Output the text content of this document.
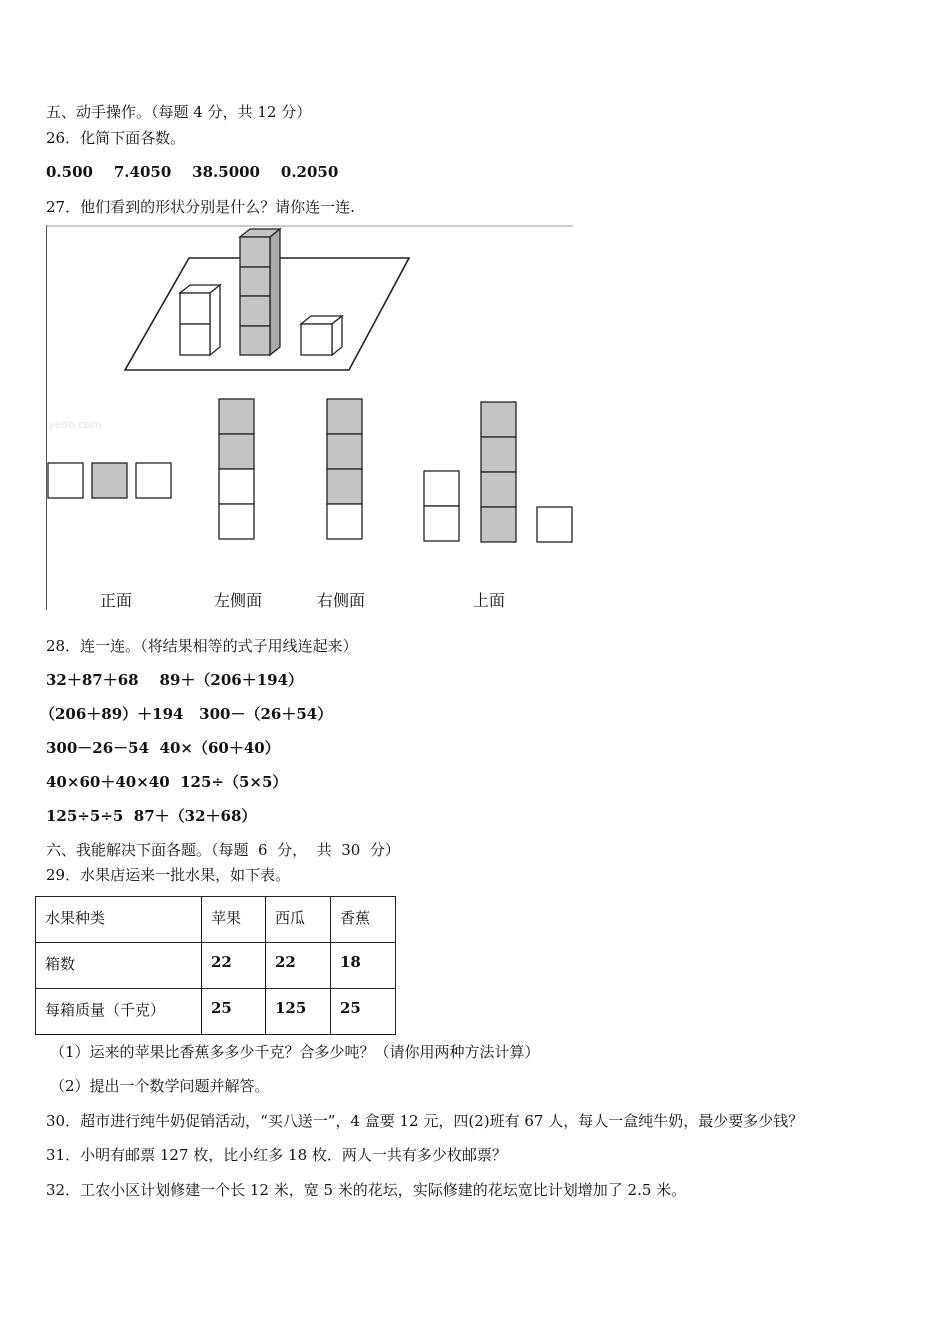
五、动手操作。（每题 4 分，共 12 分）
26．化简下面各数。
0.500    7.4050    38.5000    0.2050
27．他们看到的形状分别是什么？请你连一连.
yeoo.com
正面	左侧面	右侧面	上面
28．连一连。（将结果相等的式子用线连起来）
32＋87＋68    89＋（206＋194）
（206＋89）＋194   300－（26＋54）
300－26－54  40×（60＋40）
40×60＋40×40  125÷（5×5）
125÷5÷5  87＋（32＋68）
六、我能解决下面各题。（每题  6  分，  共  30  分）
29．水果店运来一批水果，如下表。
水果种类	苹果	西瓜	香蕉
箱数	22	22	18
每箱质量（千克）	25	125	25
（1）运来的苹果比香蕉多多少千克？合多少吨？（请你用两种方法计算）
（2）提出一个数学问题并解答。
30．超市进行纯牛奶促销活动，“买八送一”，4 盒要 12 元，四(2)班有 67 人，每人一盒纯牛奶，最少要多少钱？
31．小明有邮票 127 枚，比小红多 18 枚．两人一共有多少枚邮票？
32．工农小区计划修建一个长 12 米，宽 5 米的花坛，实际修建的花坛宽比计划增加了 2.5 米。
